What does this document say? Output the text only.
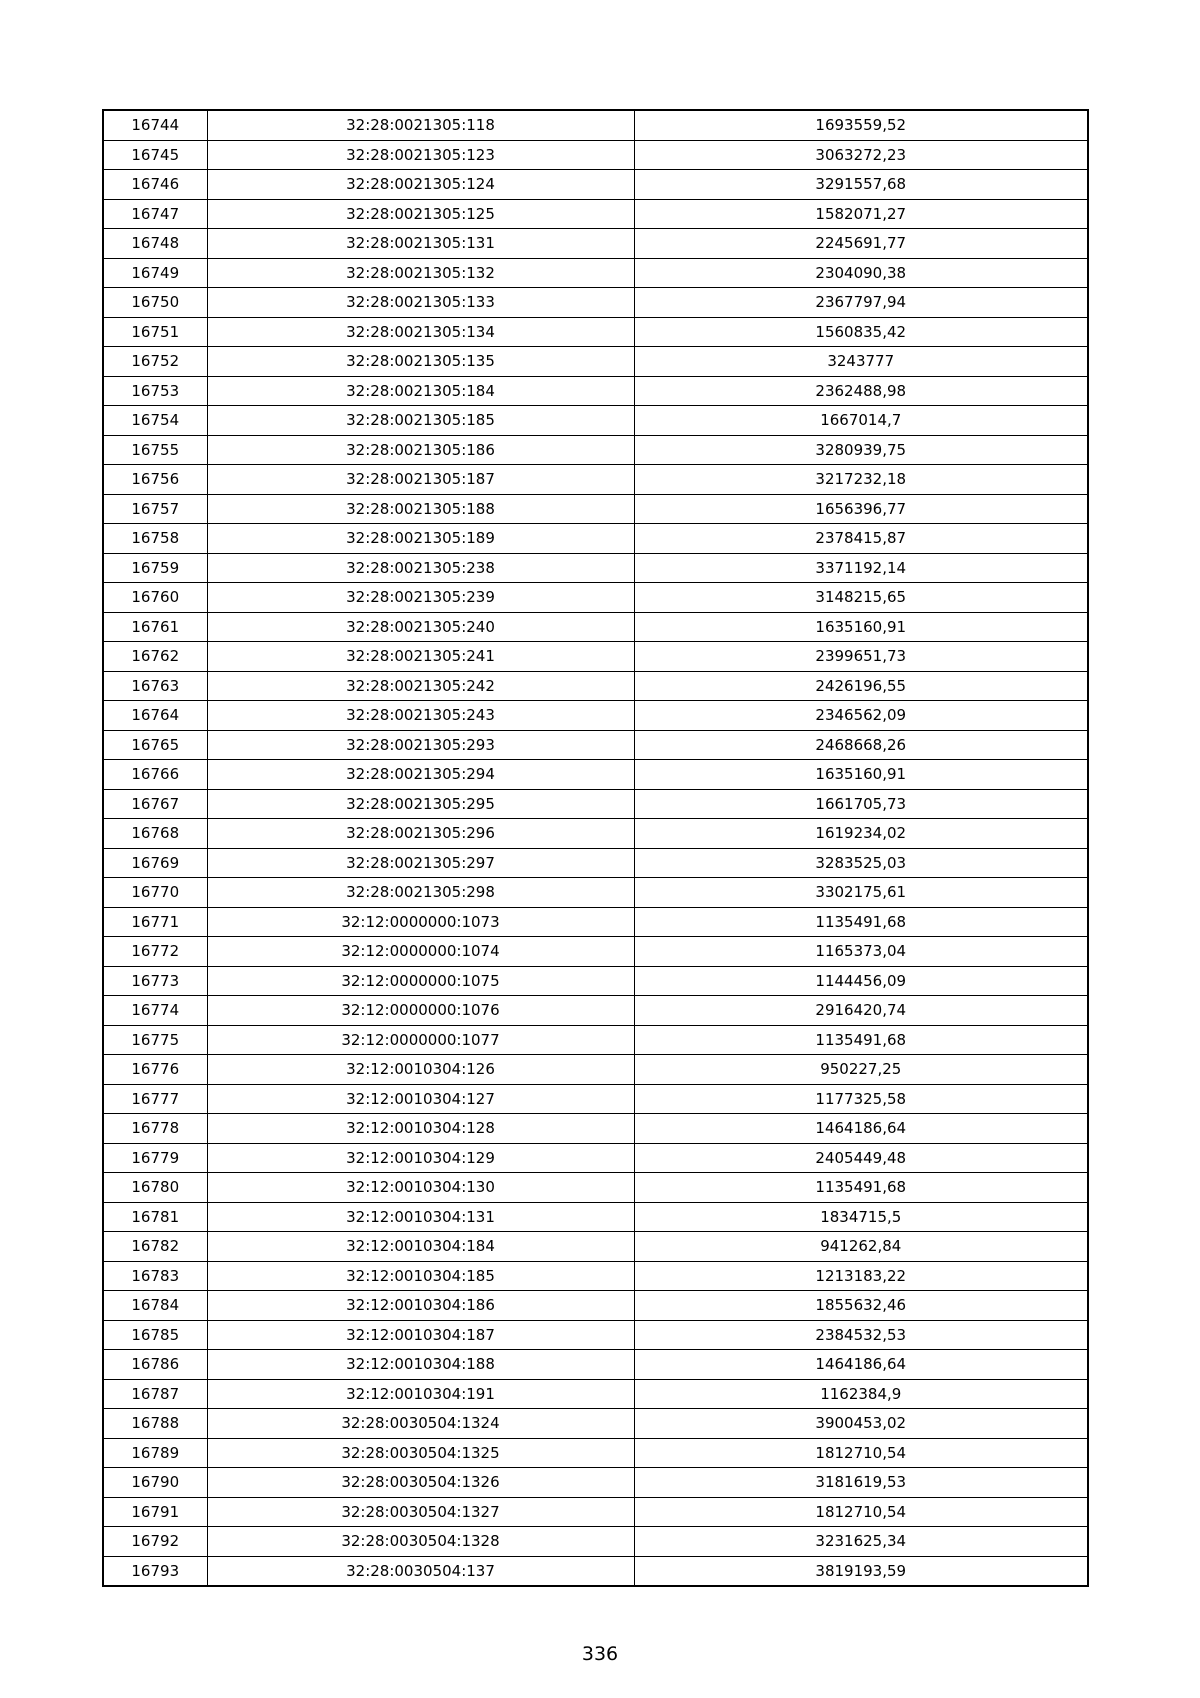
16744	32:28:0021305:118	1693559,52
16745	32:28:0021305:123	3063272,23
16746	32:28:0021305:124	3291557,68
16747	32:28:0021305:125	1582071,27
16748	32:28:0021305:131	2245691,77
16749	32:28:0021305:132	2304090,38
16750	32:28:0021305:133	2367797,94
16751	32:28:0021305:134	1560835,42
16752	32:28:0021305:135	3243777
16753	32:28:0021305:184	2362488,98
16754	32:28:0021305:185	1667014,7
16755	32:28:0021305:186	3280939,75
16756	32:28:0021305:187	3217232,18
16757	32:28:0021305:188	1656396,77
16758	32:28:0021305:189	2378415,87
16759	32:28:0021305:238	3371192,14
16760	32:28:0021305:239	3148215,65
16761	32:28:0021305:240	1635160,91
16762	32:28:0021305:241	2399651,73
16763	32:28:0021305:242	2426196,55
16764	32:28:0021305:243	2346562,09
16765	32:28:0021305:293	2468668,26
16766	32:28:0021305:294	1635160,91
16767	32:28:0021305:295	1661705,73
16768	32:28:0021305:296	1619234,02
16769	32:28:0021305:297	3283525,03
16770	32:28:0021305:298	3302175,61
16771	32:12:0000000:1073	1135491,68
16772	32:12:0000000:1074	1165373,04
16773	32:12:0000000:1075	1144456,09
16774	32:12:0000000:1076	2916420,74
16775	32:12:0000000:1077	1135491,68
16776	32:12:0010304:126	950227,25
16777	32:12:0010304:127	1177325,58
16778	32:12:0010304:128	1464186,64
16779	32:12:0010304:129	2405449,48
16780	32:12:0010304:130	1135491,68
16781	32:12:0010304:131	1834715,5
16782	32:12:0010304:184	941262,84
16783	32:12:0010304:185	1213183,22
16784	32:12:0010304:186	1855632,46
16785	32:12:0010304:187	2384532,53
16786	32:12:0010304:188	1464186,64
16787	32:12:0010304:191	1162384,9
16788	32:28:0030504:1324	3900453,02
16789	32:28:0030504:1325	1812710,54
16790	32:28:0030504:1326	3181619,53
16791	32:28:0030504:1327	1812710,54
16792	32:28:0030504:1328	3231625,34
16793	32:28:0030504:137	3819193,59
336
